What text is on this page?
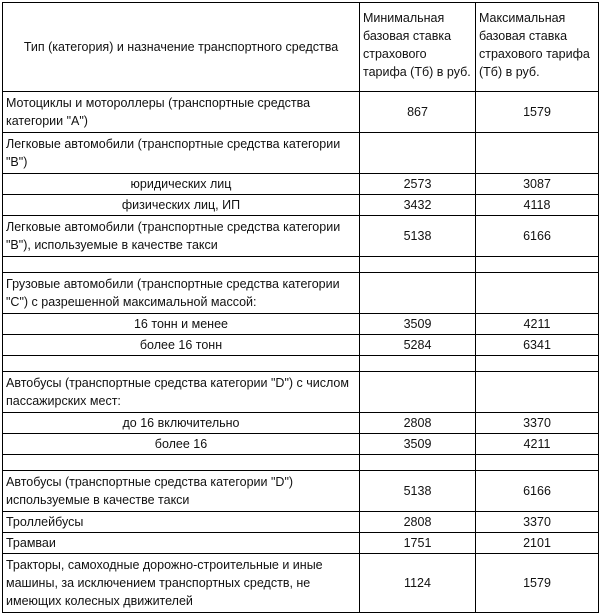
Тип (категория) и назначение транспортного средства	Минимальная базовая ставка страхового тарифа (Тб) в руб.	Максимальная базовая ставка страхового тарифа (Тб) в руб.
Мотоциклы и мотороллеры (транспортные средства категории "А")	867	1579
Легковые автомобили (транспортные средства категории "В")		
юридических лиц	2573	3087
физических лиц, ИП	3432	4118
Легковые автомобили (транспортные средства категории "В"), используемые в качестве такси	5138	6166

Грузовые автомобили (транспортные средства категории "С") с разрешенной максимальной массой:		
16 тонн и менее	3509	4211
более 16 тонн	5284	6341

Автобусы (транспортные средства категории "D") с числом пассажирских мест:		
до 16 включительно	2808	3370
более 16	3509	4211

Автобусы (транспортные средства категории "D") используемые в качестве такси	5138	6166
Троллейбусы	2808	3370
Трамваи	1751	2101
Тракторы, самоходные дорожно-строительные и иные машины, за исключением транспортных средств, не имеющих колесных движителей	1124	1579
